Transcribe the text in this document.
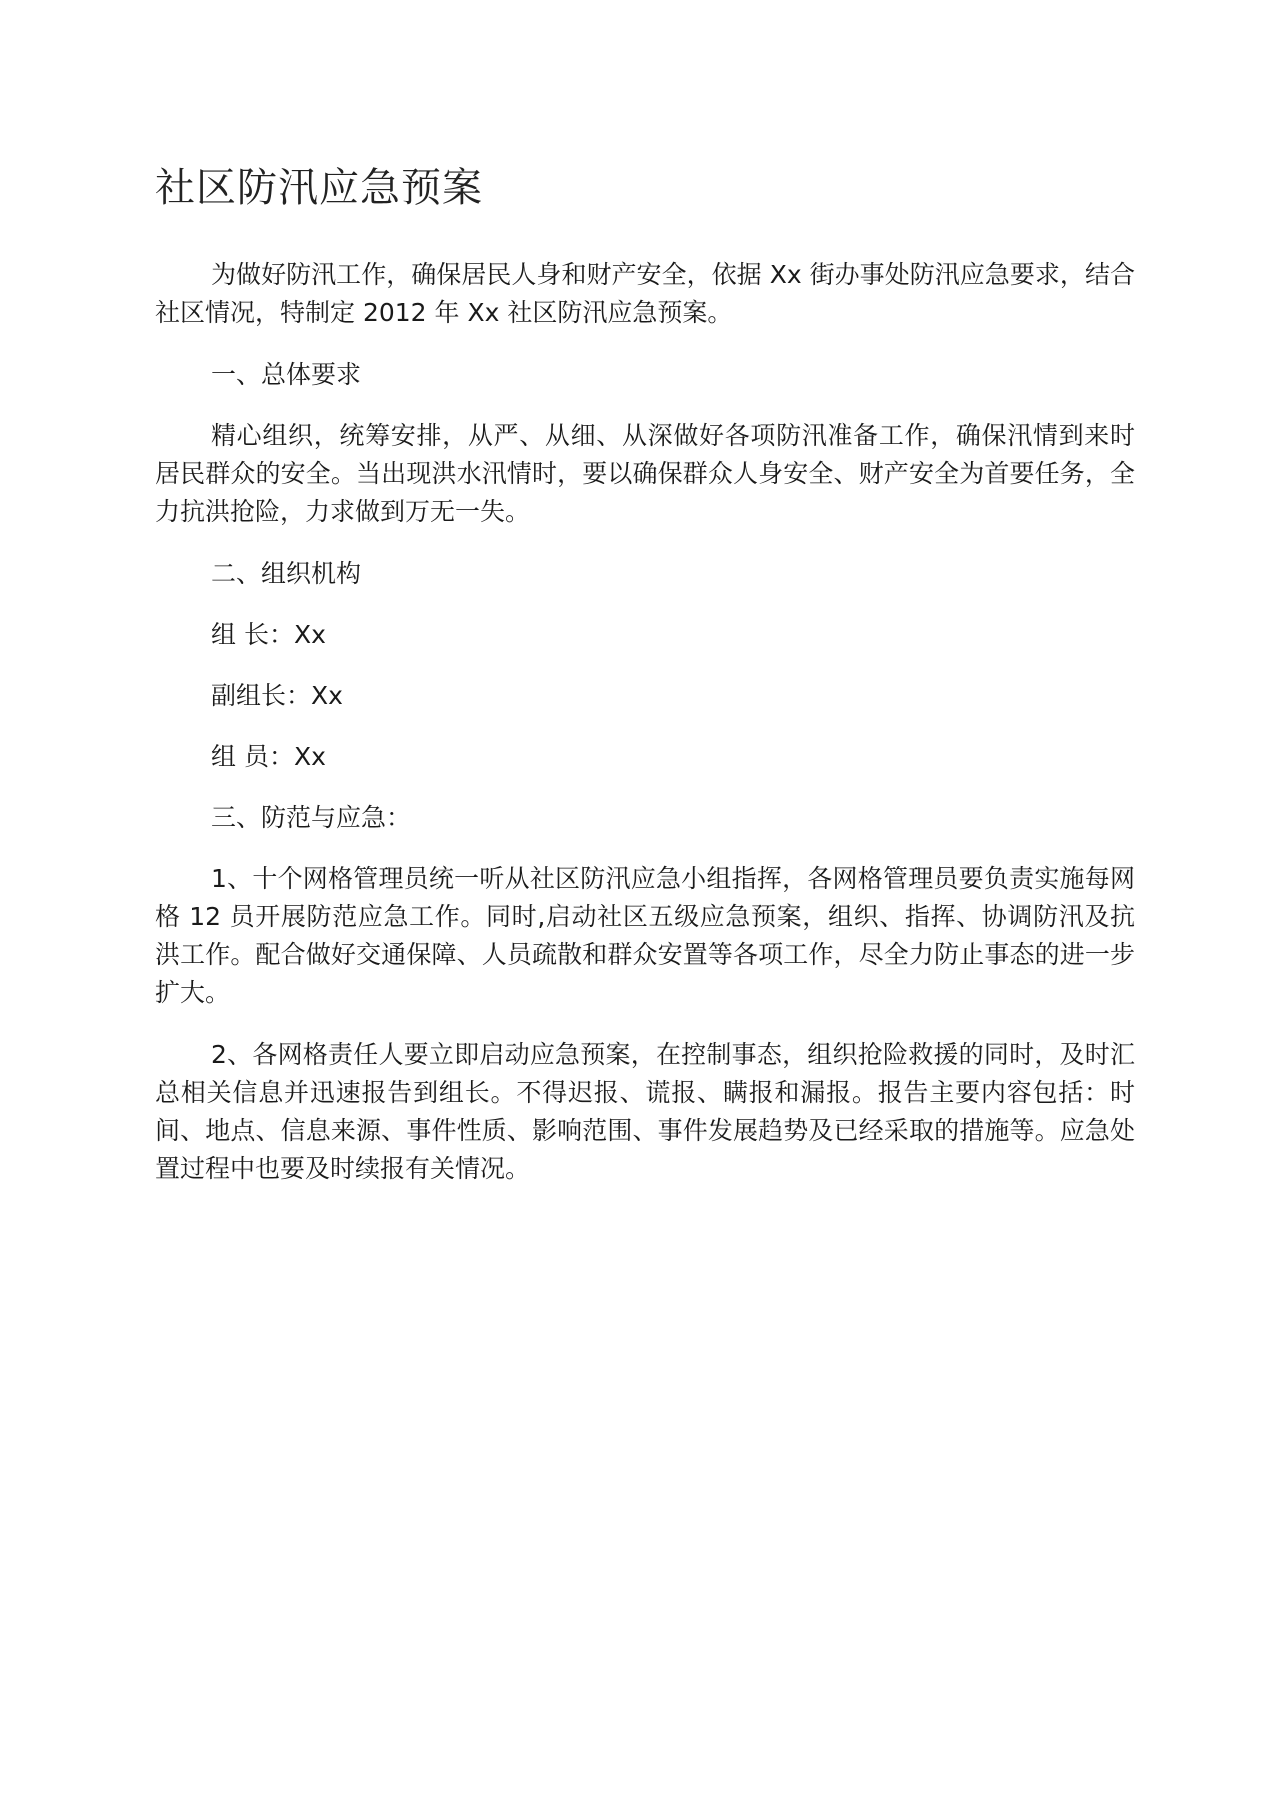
社区防汛应急预案

为做好防汛工作，确保居民人身和财产安全，依据 Xx 街办事处防汛应急要求，结合社区情况，特制定 2012 年 Xx 社区防汛应急预案。

一、总体要求

精心组织，统筹安排，从严、从细、从深做好各项防汛准备工作，确保汛情到来时居民群众的安全。当出现洪水汛情时，要以确保群众人身安全、财产安全为首要任务，全力抗洪抢险，力求做到万无一失。

二、组织机构

组 长：Xx

副组长：Xx

组 员：Xx

三、防范与应急：

1、十个网格管理员统一听从社区防汛应急小组指挥，各网格管理员要负责实施每网格 12 员开展防范应急工作。同时,启动社区五级应急预案，组织、指挥、协调防汛及抗洪工作。配合做好交通保障、人员疏散和群众安置等各项工作，尽全力防止事态的进一步扩大。

2、各网格责任人要立即启动应急预案，在控制事态，组织抢险救援的同时，及时汇总相关信息并迅速报告到组长。不得迟报、谎报、瞒报和漏报。报告主要内容包括：时间、地点、信息来源、事件性质、影响范围、事件发展趋势及已经采取的措施等。应急处置过程中也要及时续报有关情况。
